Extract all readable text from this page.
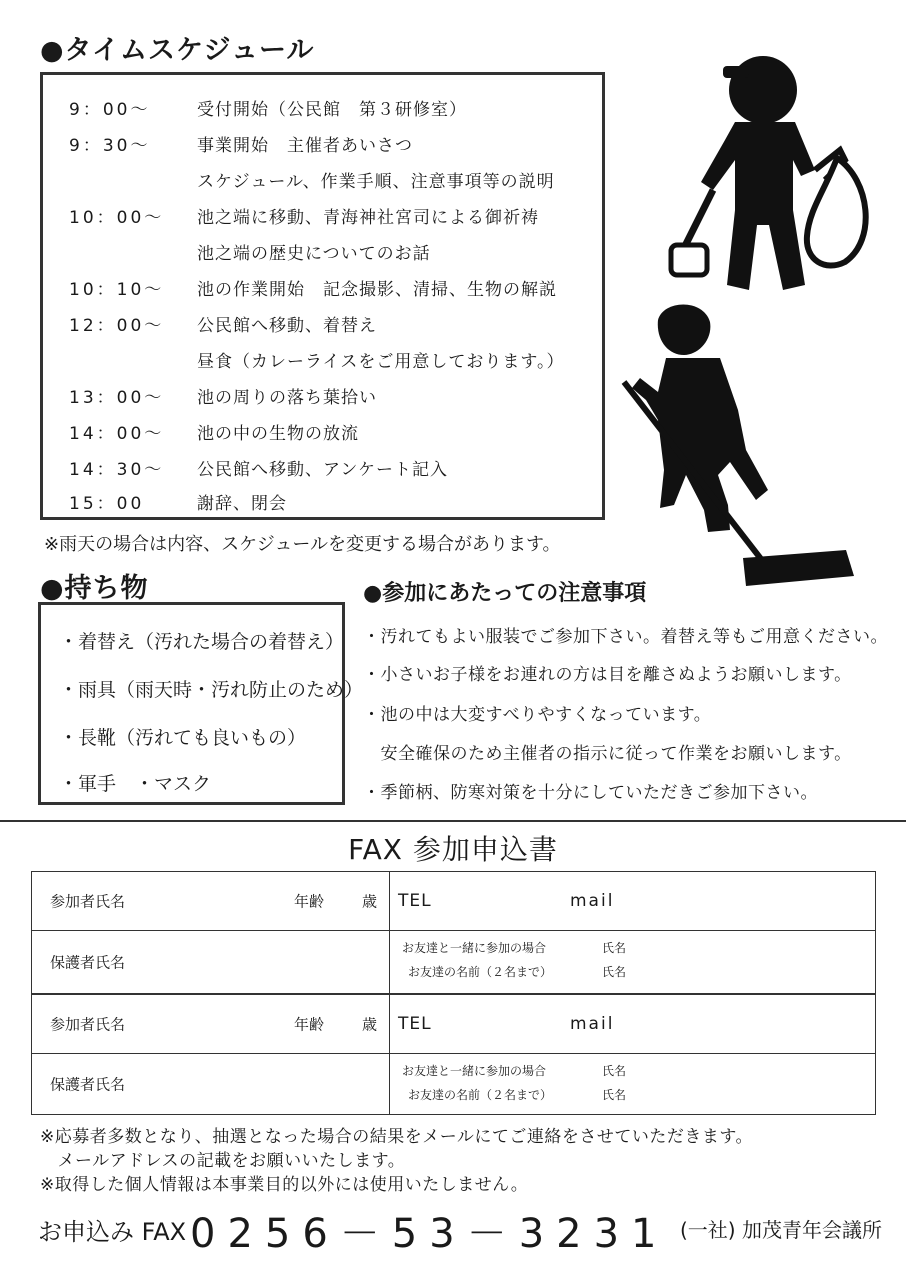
●タイムスケジュール
9：00～	受付開始（公民館　第３研修室）
9：30～	事業開始　主催者あいさつ
スケジュール、作業手順、注意事項等の説明
10：00～ 池之端に移動、青海神社宮司による御祈祷
池之端の歴史についてのお話
10：10～ 池の作業開始　記念撮影、清掃、生物の解説
12：00～ 公民館へ移動、着替え
昼食（カレーライスをご用意しております。）
13：00～ 池の周りの落ち葉拾い
14：00～ 池の中の生物の放流
14：30～ 公民館へ移動、アンケート記入
15：00	謝辞、閉会
※雨天の場合は内容、スケジュールを変更する場合があります。
●持ち物
・着替え（汚れた場合の着替え）
・雨具（雨天時・汚れ防止のため）
・長靴（汚れても良いもの）
・軍手　・マスク
●参加にあたっての注意事項
・汚れてもよい服装でご参加下さい。着替え等もご用意ください。
・小さいお子様をお連れの方は目を離さぬようお願いします。
・池の中は大変すべりやすくなっています。
　安全確保のため主催者の指示に従って作業をお願いします。
・季節柄、防寒対策を十分にしていただきご参加下さい。
FAX 参加申込書
参加者氏名 年齢 歳	TEL mail

保護者氏名	お友達と一緒に参加の場合 氏名
お友達の名前（２名まで） 氏名

参加者氏名 年齢 歳	TEL mail

保護者氏名	お友達と一緒に参加の場合 氏名
お友達の名前（２名まで） 氏名
※応募者多数となり、抽選となった場合の結果をメールにてご連絡をさせていただきます。
　メールアドレスの記載をお願いいたします。
※取得した個人情報は本事業目的以外には使用いたしません。
お申込み FAX 0256－53－3231 (一社) 加茂青年会議所
